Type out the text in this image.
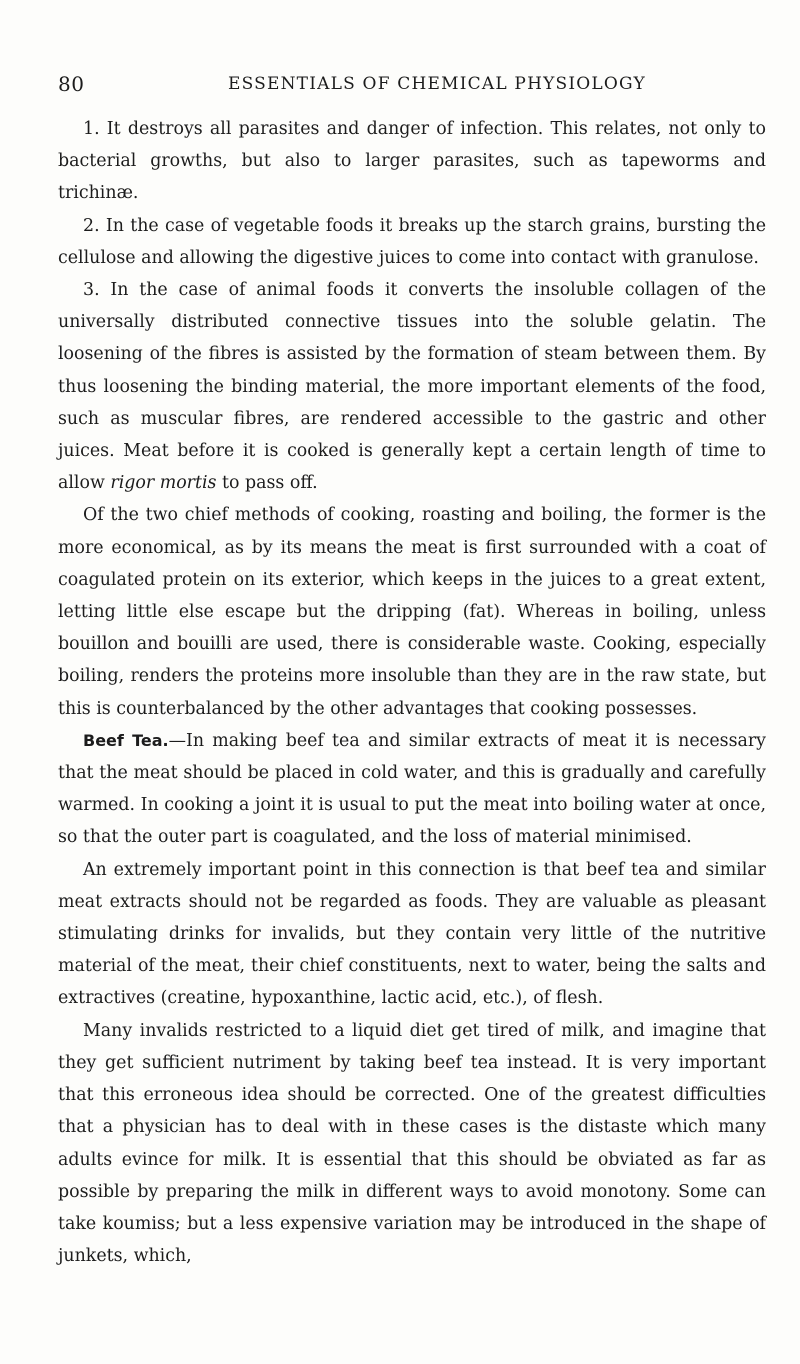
80	ESSENTIALS OF CHEMICAL PHYSIOLOGY

1. It destroys all parasites and danger of infection. This relates, not only to bacterial growths, but also to larger parasites, such as tapeworms and trichinæ.

2. In the case of vegetable foods it breaks up the starch grains, bursting the cellulose and allowing the digestive juices to come into contact with granulose.

3. In the case of animal foods it converts the insoluble collagen of the universally distributed connective tissues into the soluble gelatin. The loosening of the fibres is assisted by the formation of steam between them. By thus loosening the binding material, the more important elements of the food, such as muscular fibres, are rendered accessible to the gastric and other juices. Meat before it is cooked is generally kept a certain length of time to allow rigor mortis to pass off.

Of the two chief methods of cooking, roasting and boiling, the former is the more economical, as by its means the meat is first surrounded with a coat of coagulated protein on its exterior, which keeps in the juices to a great extent, letting little else escape but the dripping (fat). Whereas in boiling, unless bouillon and bouilli are used, there is considerable waste. Cooking, especially boiling, renders the proteins more insoluble than they are in the raw state, but this is counterbalanced by the other advantages that cooking possesses.

Beef Tea.—In making beef tea and similar extracts of meat it is necessary that the meat should be placed in cold water, and this is gradually and carefully warmed. In cooking a joint it is usual to put the meat into boiling water at once, so that the outer part is coagulated, and the loss of material minimised.

An extremely important point in this connection is that beef tea and similar meat extracts should not be regarded as foods. They are valuable as pleasant stimulating drinks for invalids, but they contain very little of the nutritive material of the meat, their chief constituents, next to water, being the salts and extractives (creatine, hypoxanthine, lactic acid, etc.), of flesh.

Many invalids restricted to a liquid diet get tired of milk, and imagine that they get sufficient nutriment by taking beef tea instead. It is very important that this erroneous idea should be corrected. One of the greatest difficulties that a physician has to deal with in these cases is the distaste which many adults evince for milk. It is essential that this should be obviated as far as possible by preparing the milk in different ways to avoid monotony. Some can take koumiss; but a less expensive variation may be introduced in the shape of junkets, which,
